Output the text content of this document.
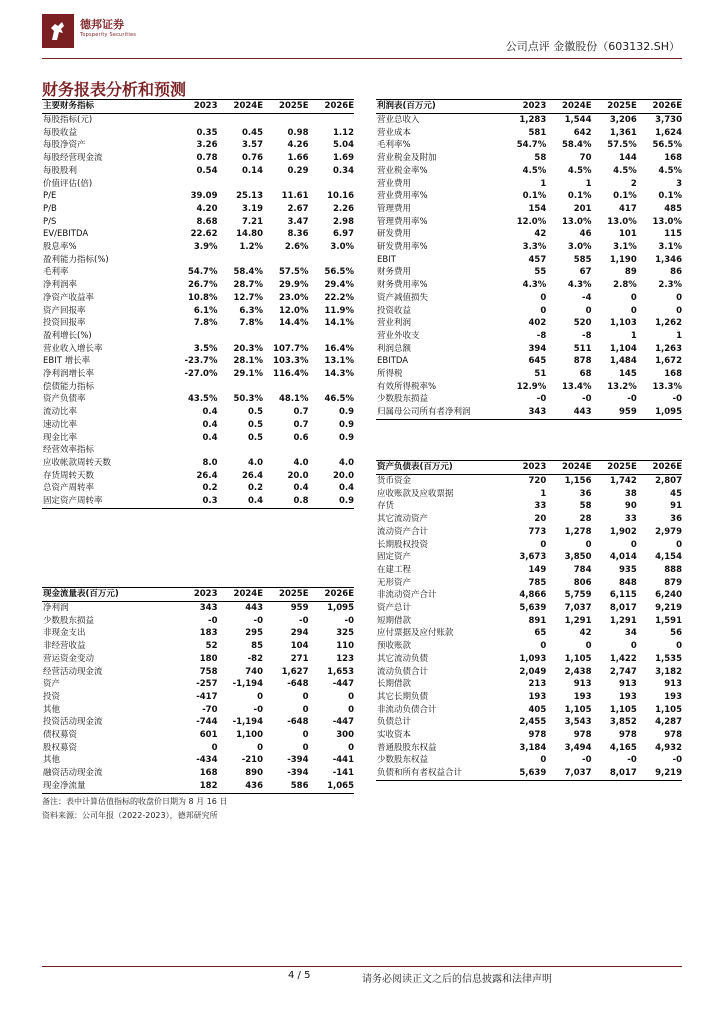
德邦证券
Topsperity Securities
公司点评 金徽股份（603132.SH）
财务报表分析和预测
主要财务指标	2023	2024E	2025E	2026E
每股指标(元)				
每股收益	0.35	0.45	0.98	1.12
每股净资产	3.26	3.57	4.26	5.04
每股经营现金流	0.78	0.76	1.66	1.69
每股股利	0.54	0.14	0.29	0.34
价值评估(倍)				
P/E	39.09	25.13	11.61	10.16
P/B	4.20	3.19	2.67	2.26
P/S	8.68	7.21	3.47	2.98
EV/EBITDA	22.62	14.80	8.36	6.97
股息率%	3.9%	1.2%	2.6%	3.0%
盈利能力指标(%)				
毛利率	54.7%	58.4%	57.5%	56.5%
净利润率	26.7%	28.7%	29.9%	29.4%
净资产收益率	10.8%	12.7%	23.0%	22.2%
资产回报率	6.1%	6.3%	12.0%	11.9%
投资回报率	7.8%	7.8%	14.4%	14.1%
盈利增长(%)				
营业收入增长率	3.5%	20.3%	107.7%	16.4%
EBIT 增长率	-23.7%	28.1%	103.3%	13.1%
净利润增长率	-27.0%	29.1%	116.4%	14.3%
偿债能力指标				
资产负债率	43.5%	50.3%	48.1%	46.5%
流动比率	0.4	0.5	0.7	0.9
速动比率	0.4	0.5	0.7	0.9
现金比率	0.4	0.5	0.6	0.9
经营效率指标				
应收帐款周转天数	8.0	4.0	4.0	4.0
存货周转天数	26.4	26.4	20.0	20.0
总资产周转率	0.2	0.2	0.4	0.4
固定资产周转率	0.3	0.4	0.8	0.9
现金流量表(百万元)	2023	2024E	2025E	2026E
净利润	343	443	959	1,095
少数股东损益	-0	-0	-0	-0
非现金支出	183	295	294	325
非经营收益	52	85	104	110
营运资金变动	180	-82	271	123
经营活动现金流	758	740	1,627	1,653
资产	-257	-1,194	-648	-447
投资	-417	0	0	0
其他	-70	-0	0	0
投资活动现金流	-744	-1,194	-648	-447
债权募资	601	1,100	0	300
股权募资	0	0	0	0
其他	-434	-210	-394	-441
融资活动现金流	168	890	-394	-141
现金净流量	182	436	586	1,065
利润表(百万元)	2023	2024E	2025E	2026E
营业总收入	1,283	1,544	3,206	3,730
营业成本	581	642	1,361	1,624
毛利率%	54.7%	58.4%	57.5%	56.5%
营业税金及附加	58	70	144	168
营业税金率%	4.5%	4.5%	4.5%	4.5%
营业费用	1	1	2	3
营业费用率%	0.1%	0.1%	0.1%	0.1%
管理费用	154	201	417	485
管理费用率%	12.0%	13.0%	13.0%	13.0%
研发费用	42	46	101	115
研发费用率%	3.3%	3.0%	3.1%	3.1%
EBIT	457	585	1,190	1,346
财务费用	55	67	89	86
财务费用率%	4.3%	4.3%	2.8%	2.3%
资产减值损失	0	-4	0	0
投资收益	0	0	0	0
营业利润	402	520	1,103	1,262
营业外收支	-8	-8	1	1
利润总额	394	511	1,104	1,263
EBITDA	645	878	1,484	1,672
所得税	51	68	145	168
有效所得税率%	12.9%	13.4%	13.2%	13.3%
少数股东损益	-0	-0	-0	-0
归属母公司所有者净利润	343	443	959	1,095
资产负债表(百万元)	2023	2024E	2025E	2026E
货币资金	720	1,156	1,742	2,807
应收账款及应收票据	1	36	38	45
存货	33	58	90	91
其它流动资产	20	28	33	36
流动资产合计	773	1,278	1,902	2,979
长期股权投资	0	0	0	0
固定资产	3,673	3,850	4,014	4,154
在建工程	149	784	935	888
无形资产	785	806	848	879
非流动资产合计	4,866	5,759	6,115	6,240
资产总计	5,639	7,037	8,017	9,219
短期借款	891	1,291	1,291	1,591
应付票据及应付账款	65	42	34	56
预收账款	0	0	0	0
其它流动负债	1,093	1,105	1,422	1,535
流动负债合计	2,049	2,438	2,747	3,182
长期借款	213	913	913	913
其它长期负债	193	193	193	193
非流动负债合计	405	1,105	1,105	1,105
负债总计	2,455	3,543	3,852	4,287
实收资本	978	978	978	978
普通股股东权益	3,184	3,494	4,165	4,932
少数股东权益	0	-0	-0	-0
负债和所有者权益合计	5,639	7,037	8,017	9,219
备注：表中计算估值指标的收盘价日期为 8 月 16 日
资料来源：公司年报（2022-2023），德邦研究所
4 / 5	请务必阅读正文之后的信息披露和法律声明
